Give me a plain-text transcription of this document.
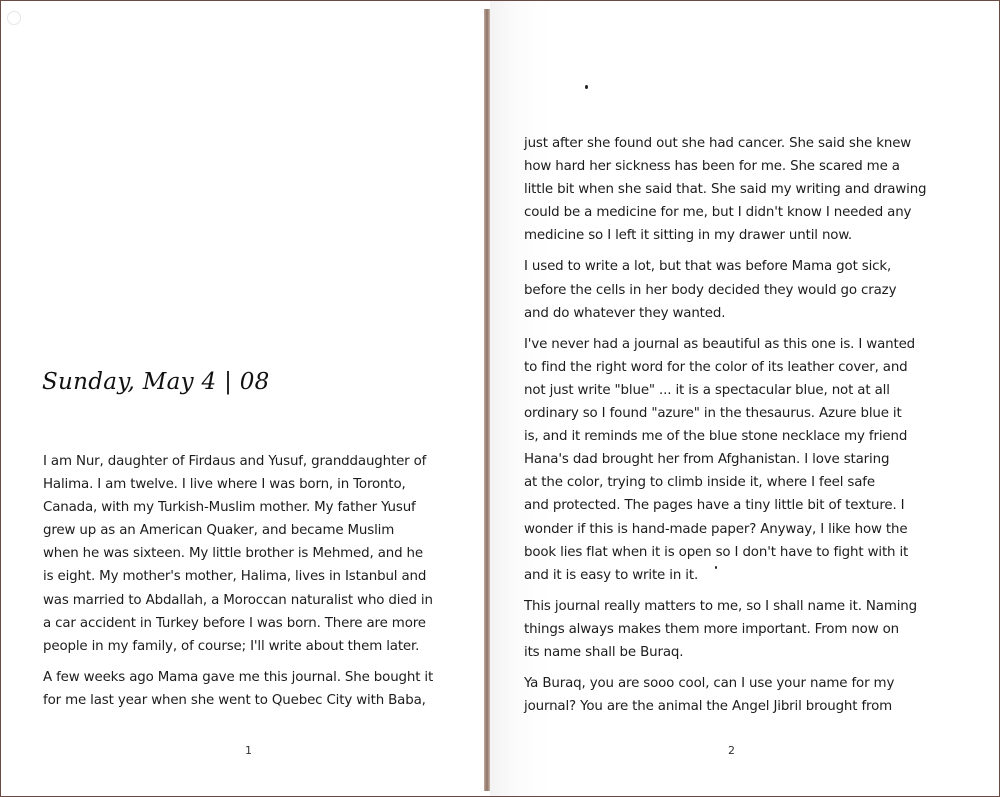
Sunday, May 4 | 08

I am Nur, daughter of Firdaus and Yusuf, granddaughter of
Halima. I am twelve. I live where I was born, in Toronto,
Canada, with my Turkish-Muslim mother. My father Yusuf
grew up as an American Quaker, and became Muslim
when he was sixteen. My little brother is Mehmed, and he
is eight. My mother's mother, Halima, lives in Istanbul and
was married to Abdallah, a Moroccan naturalist who died in
a car accident in Turkey before I was born. There are more
people in my family, of course; I'll write about them later.

A few weeks ago Mama gave me this journal. She bought it
for me last year when she went to Quebec City with Baba,

1

just after she found out she had cancer. She said she knew
how hard her sickness has been for me. She scared me a
little bit when she said that. She said my writing and drawing
could be a medicine for me, but I didn't know I needed any
medicine so I left it sitting in my drawer until now.

I used to write a lot, but that was before Mama got sick,
before the cells in her body decided they would go crazy
and do whatever they wanted.

I've never had a journal as beautiful as this one is. I wanted
to find the right word for the color of its leather cover, and
not just write "blue" ... it is a spectacular blue, not at all
ordinary so I found "azure" in the thesaurus. Azure blue it
is, and it reminds me of the blue stone necklace my friend
Hana's dad brought her from Afghanistan. I love staring
at the color, trying to climb inside it, where I feel safe
and protected. The pages have a tiny little bit of texture. I
wonder if this is hand-made paper? Anyway, I like how the
book lies flat when it is open so I don't have to fight with it
and it is easy to write in it.

This journal really matters to me, so I shall name it. Naming
things always makes them more important. From now on
its name shall be Buraq.

Ya Buraq, you are sooo cool, can I use your name for my
journal? You are the animal the Angel Jibril brought from

2
